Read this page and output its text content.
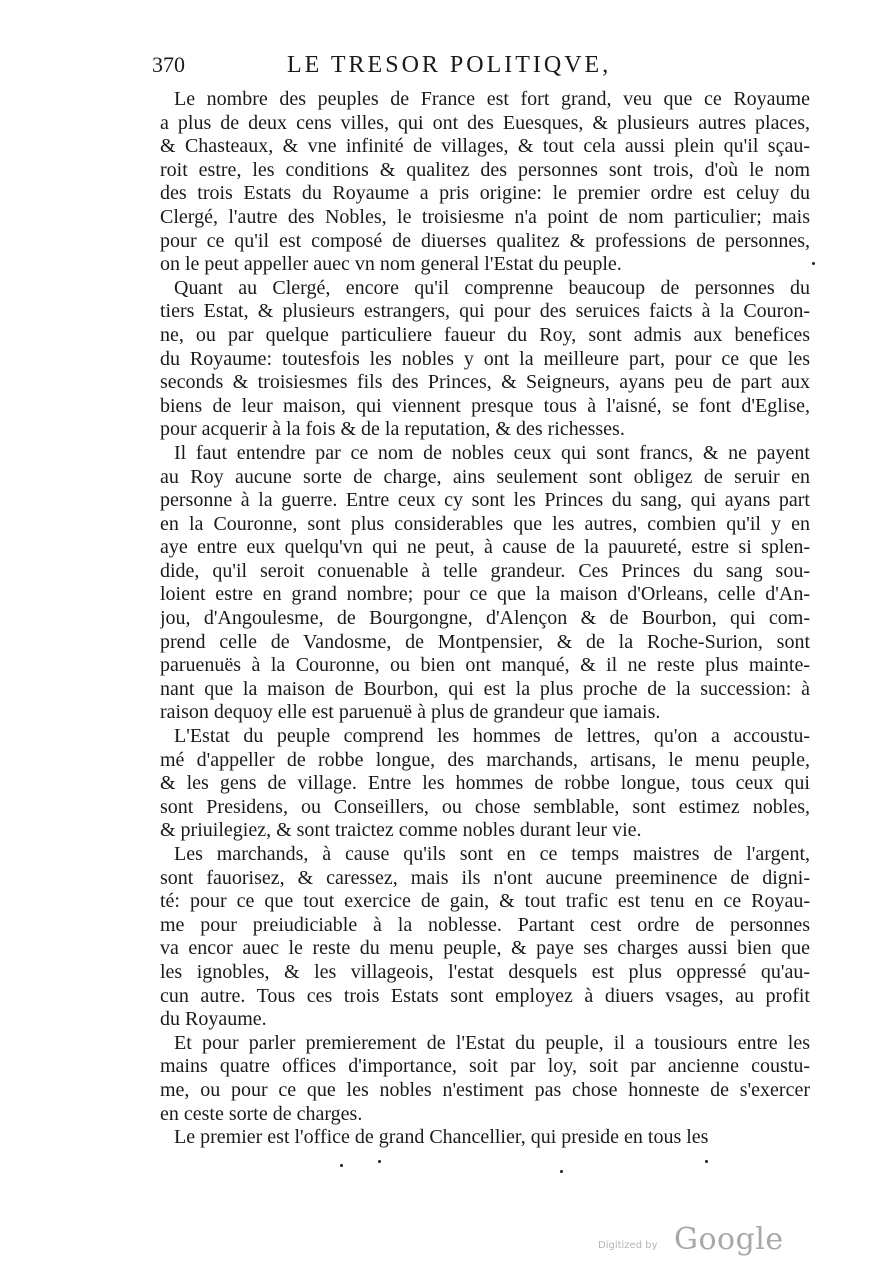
370	LE TRESOR POLITIQVE,
Le nombre des peuples de France est fort grand, veu que ce Royaume
a plus de deux cens villes, qui ont des Euesques, & plusieurs autres places,
& Chasteaux, & vne infinité de villages, & tout cela aussi plein qu'il sçau-
roit estre, les conditions & qualitez des personnes sont trois, d'où le nom
des trois Estats du Royaume a pris origine: le premier ordre est celuy du
Clergé, l'autre des Nobles, le troisiesme n'a point de nom particulier; mais
pour ce qu'il est composé de diuerses qualitez & professions de personnes,
on le peut appeller auec vn nom general l'Estat du peuple.
Quant au Clergé, encore qu'il comprenne beaucoup de personnes du
tiers Estat, & plusieurs estrangers, qui pour des seruices faicts à la Couron-
ne, ou par quelque particuliere faueur du Roy, sont admis aux benefices
du Royaume: toutesfois les nobles y ont la meilleure part, pour ce que les
seconds & troisiesmes fils des Princes, & Seigneurs, ayans peu de part aux
biens de leur maison, qui viennent presque tous à l'aisné, se font d'Eglise,
pour acquerir à la fois & de la reputation, & des richesses.
Il faut entendre par ce nom de nobles ceux qui sont francs, & ne payent
au Roy aucune sorte de charge, ains seulement sont obligez de seruir en
personne à la guerre. Entre ceux cy sont les Princes du sang, qui ayans part
en la Couronne, sont plus considerables que les autres, combien qu'il y en
aye entre eux quelqu'vn qui ne peut, à cause de la pauureté, estre si splen-
dide, qu'il seroit conuenable à telle grandeur. Ces Princes du sang sou-
loient estre en grand nombre; pour ce que la maison d'Orleans, celle d'An-
jou, d'Angoulesme, de Bourgongne, d'Alençon & de Bourbon, qui com-
prend celle de Vandosme, de Montpensier, & de la Roche-Surion, sont
paruenuës à la Couronne, ou bien ont manqué, & il ne reste plus mainte-
nant que la maison de Bourbon, qui est la plus proche de la succession: à
raison dequoy elle est paruenuë à plus de grandeur que iamais.
L'Estat du peuple comprend les hommes de lettres, qu'on a accoustu-
mé d'appeller de robbe longue, des marchands, artisans, le menu peuple,
& les gens de village. Entre les hommes de robbe longue, tous ceux qui
sont Presidens, ou Conseillers, ou chose semblable, sont estimez nobles,
& priuilegiez, & sont traictez comme nobles durant leur vie.
Les marchands, à cause qu'ils sont en ce temps maistres de l'argent,
sont fauorisez, & caressez, mais ils n'ont aucune preeminence de digni-
té: pour ce que tout exercice de gain, & tout trafic est tenu en ce Royau-
me pour preiudiciable à la noblesse. Partant cest ordre de personnes
va encor auec le reste du menu peuple, & paye ses charges aussi bien que
les ignobles, & les villageois, l'estat desquels est plus oppressé qu'au-
cun autre. Tous ces trois Estats sont employez à diuers vsages, au profit
du Royaume.
Et pour parler premierement de l'Estat du peuple, il a tousiours entre les
mains quatre offices d'importance, soit par loy, soit par ancienne coustu-
me, ou pour ce que les nobles n'estiment pas chose honneste de s'exercer
en ceste sorte de charges.
Le premier est l'office de grand Chancellier, qui preside en tous les
Digitized by Google
